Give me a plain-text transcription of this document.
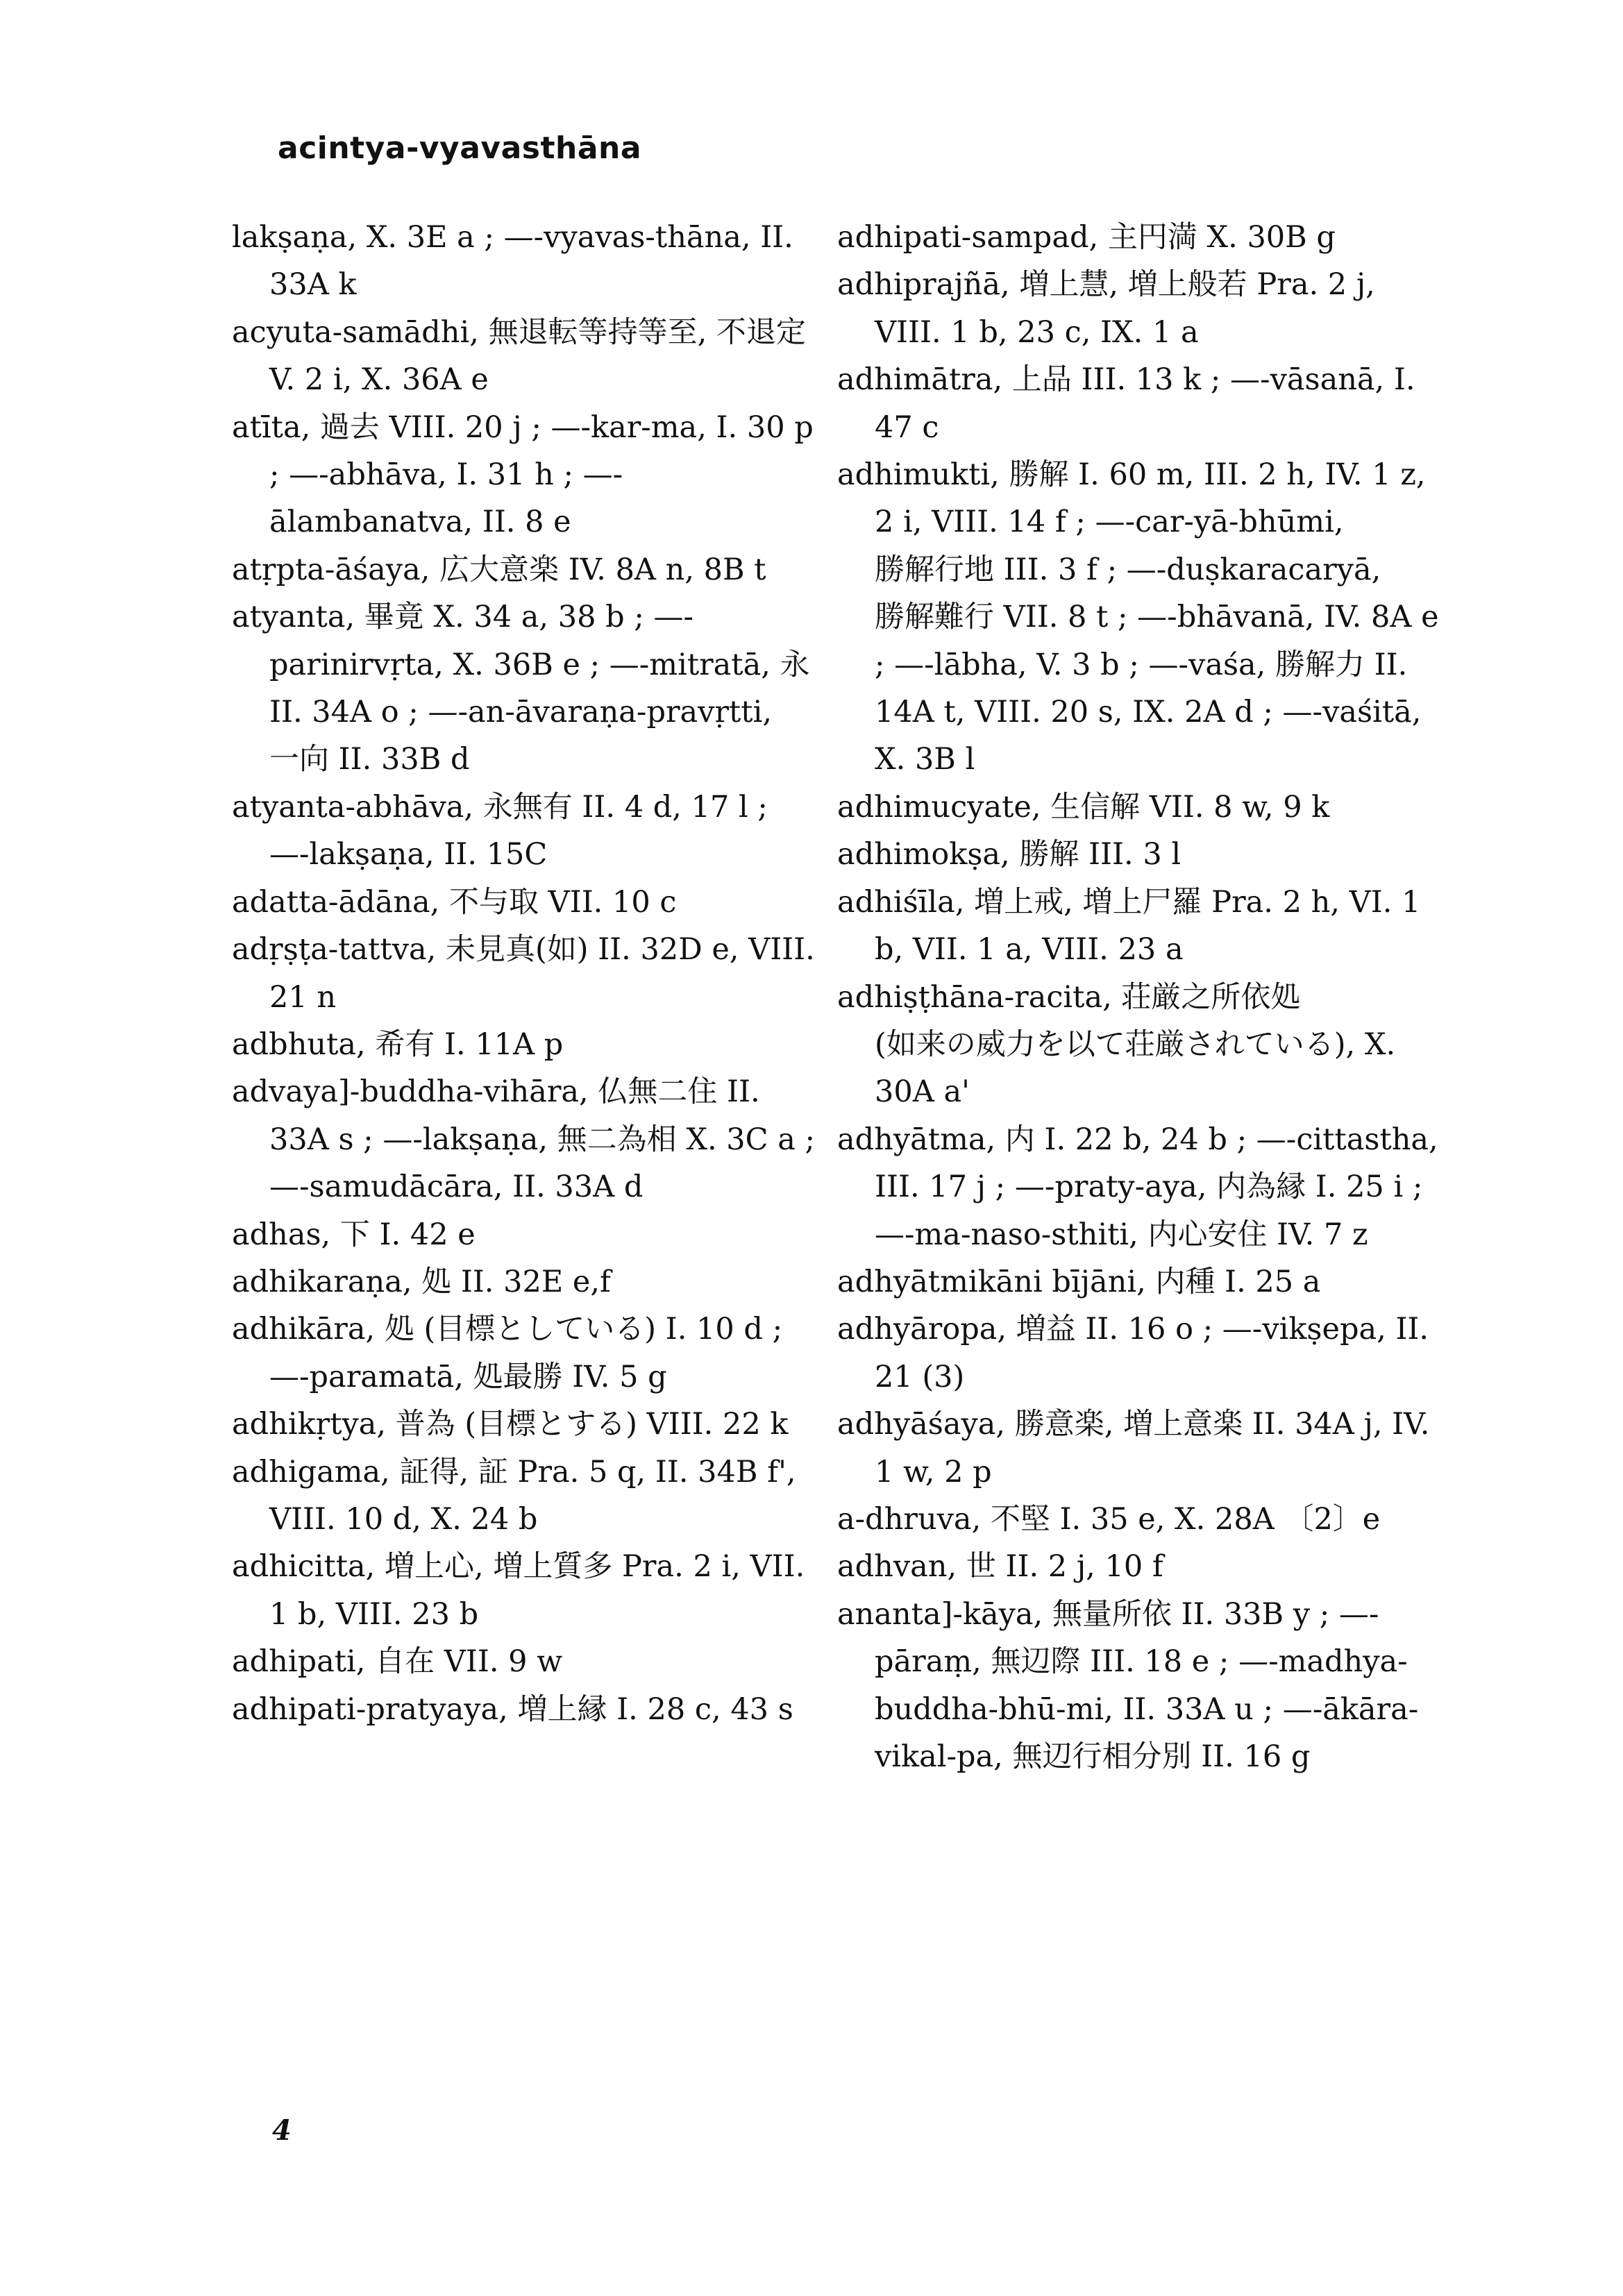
acintya-vyavasthāna
lakṣaṇa, X. 3E a ; —-vyavas-thāna, II. 33A k
acyuta-samādhi, 無退転等持等至, 不退定 V. 2 i, X. 36A e
atīta, 過去 VIII. 20 j ; —-kar-ma, I. 30 p ; —-abhāva, I. 31 h ; —-ālambanatva, II. 8 e
atṛpta-āśaya, 広大意楽 IV. 8A n, 8B t
atyanta, 畢竟 X. 34 a, 38 b ; —-parinirvṛta, X. 36B e ; —-mitratā, 永 II. 34A o ; —-an-āvaraṇa-pravṛtti, 一向 II. 33B d
atyanta-abhāva, 永無有 II. 4 d, 17 l ; —-lakṣaṇa, II. 15C
adatta-ādāna, 不与取 VII. 10 c
adṛṣṭa-tattva, 未見真(如) II. 32D e, VIII. 21 n
adbhuta, 希有 I. 11A p
advaya]-buddha-vihāra, 仏無二住 II. 33A s ; —-lakṣaṇa, 無二為相 X. 3C a ; —-samudācāra, II. 33A d
adhas, 下 I. 42 e
adhikaraṇa, 処 II. 32E e,f
adhikāra, 処 (目標としている) I. 10 d ; —-paramatā, 処最勝 IV. 5 g
adhikṛtya, 普為 (目標とする) VIII. 22 k
adhigama, 証得, 証 Pra. 5 q, II. 34B f', VIII. 10 d, X. 24 b
adhicitta, 増上心, 増上質多 Pra. 2 i, VII. 1 b, VIII. 23 b
adhipati, 自在 VII. 9 w
adhipati-pratyaya, 増上縁 I. 28 c, 43 s
adhipati-sampad, 主円満 X. 30B g
adhiprajñā, 増上慧, 増上般若 Pra. 2 j, VIII. 1 b, 23 c, IX. 1 a
adhimātra, 上品 III. 13 k ; —-vāsanā, I. 47 c
adhimukti, 勝解 I. 60 m, III. 2 h, IV. 1 z, 2 i, VIII. 14 f ; —-car-yā-bhūmi, 勝解行地 III. 3 f ; —-duṣkaracaryā, 勝解難行 VII. 8 t ; —-bhāvanā, IV. 8A e ; —-lābha, V. 3 b ; —-vaśa, 勝解力 II. 14A t, VIII. 20 s, IX. 2A d ; —-vaśitā, X. 3B l
adhimucyate, 生信解 VII. 8 w, 9 k
adhimokṣa, 勝解 III. 3 l
adhiśīla, 増上戒, 増上尸羅 Pra. 2 h, VI. 1 b, VII. 1 a, VIII. 23 a
adhiṣṭhāna-racita, 荘厳之所依処 (如来の威力を以て荘厳されている), X. 30A a'
adhyātma, 内 I. 22 b, 24 b ; —-cittastha, III. 17 j ; —-praty-aya, 内為縁 I. 25 i ; —-ma-naso-sthiti, 内心安住 IV. 7 z
adhyātmikāni bījāni, 内種 I. 25 a
adhyāropa, 増益 II. 16 o ; —-vikṣepa, II. 21 (3)
adhyāśaya, 勝意楽, 増上意楽 II. 34A j, IV. 1 w, 2 p
a-dhruva, 不堅 I. 35 e, X. 28A 〔2〕e
adhvan, 世 II. 2 j, 10 f
ananta]-kāya, 無量所依 II. 33B y ; —-pāraṃ, 無辺際 III. 18 e ; —-madhya-buddha-bhū-mi, II. 33A u ; —-ākāra-vikal-pa, 無辺行相分別 II. 16 g
4
